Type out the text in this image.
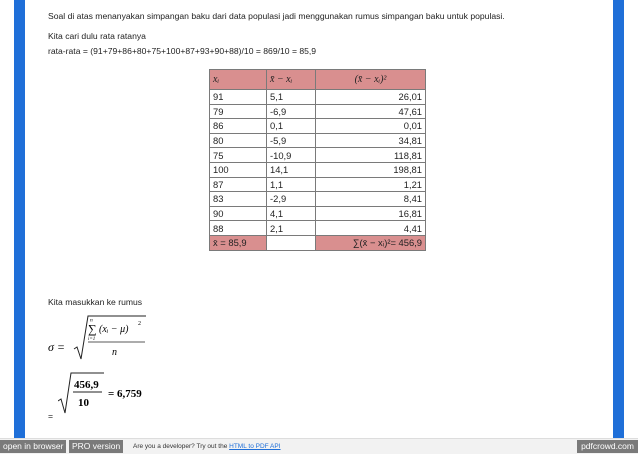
Soal di atas menanyakan simpangan baku dari data populasi jadi menggunakan rumus simpangan baku untuk populasi.
Kita cari dulu rata ratanya
rata-rata = (91+79+86+80+75+100+87+93+90+88)/10 = 869/10 = 85,9
xᵢ	x̄ − xᵢ	(x̄ − xᵢ)²
91	5,1	26,01
79	-6,9	47,61
86	0,1	0,01
80	-5,9	34,81
75	-10,9	118,81
100	14,1	198,81
87	1,1	1,21
83	-2,9	8,41
90	4,1	16,81
88	2,1	4,41
x̄ = 85,9		∑(x̄ − xᵢ)²= 456,9
Kita masukkan ke rumus
σ =
n
∑
i=1
(xᵢ − μ) 2
n
456,9
10
= 6,759
=
open in browser	PRO version	Are you a developer? Try out the HTML to PDF API	pdfcrowd.com
